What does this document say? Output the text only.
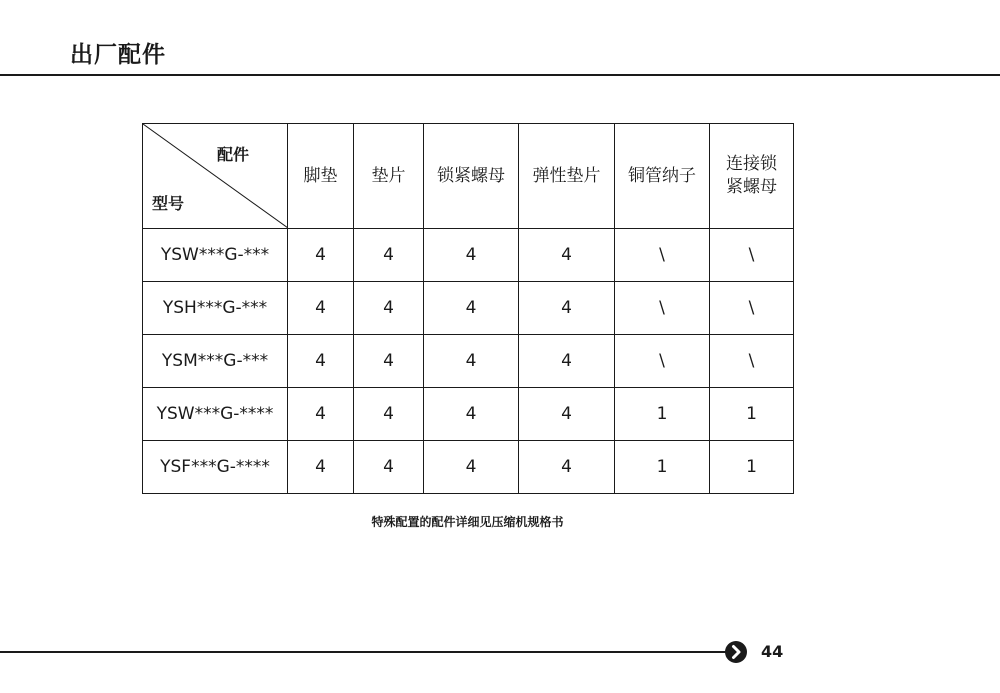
出厂配件
配件
型号	脚垫	垫片	锁紧螺母	弹性垫片	铜管纳子	连接锁
紧螺母

YSW***G-***	4	4	4	4	\	\
YSH***G-***	4	4	4	4	\	\
YSM***G-***	4	4	4	4	\	\
YSW***G-****	4	4	4	4	1	1
YSF***G-****	4	4	4	4	1	1
特殊配置的配件详细见压缩机规格书
44
